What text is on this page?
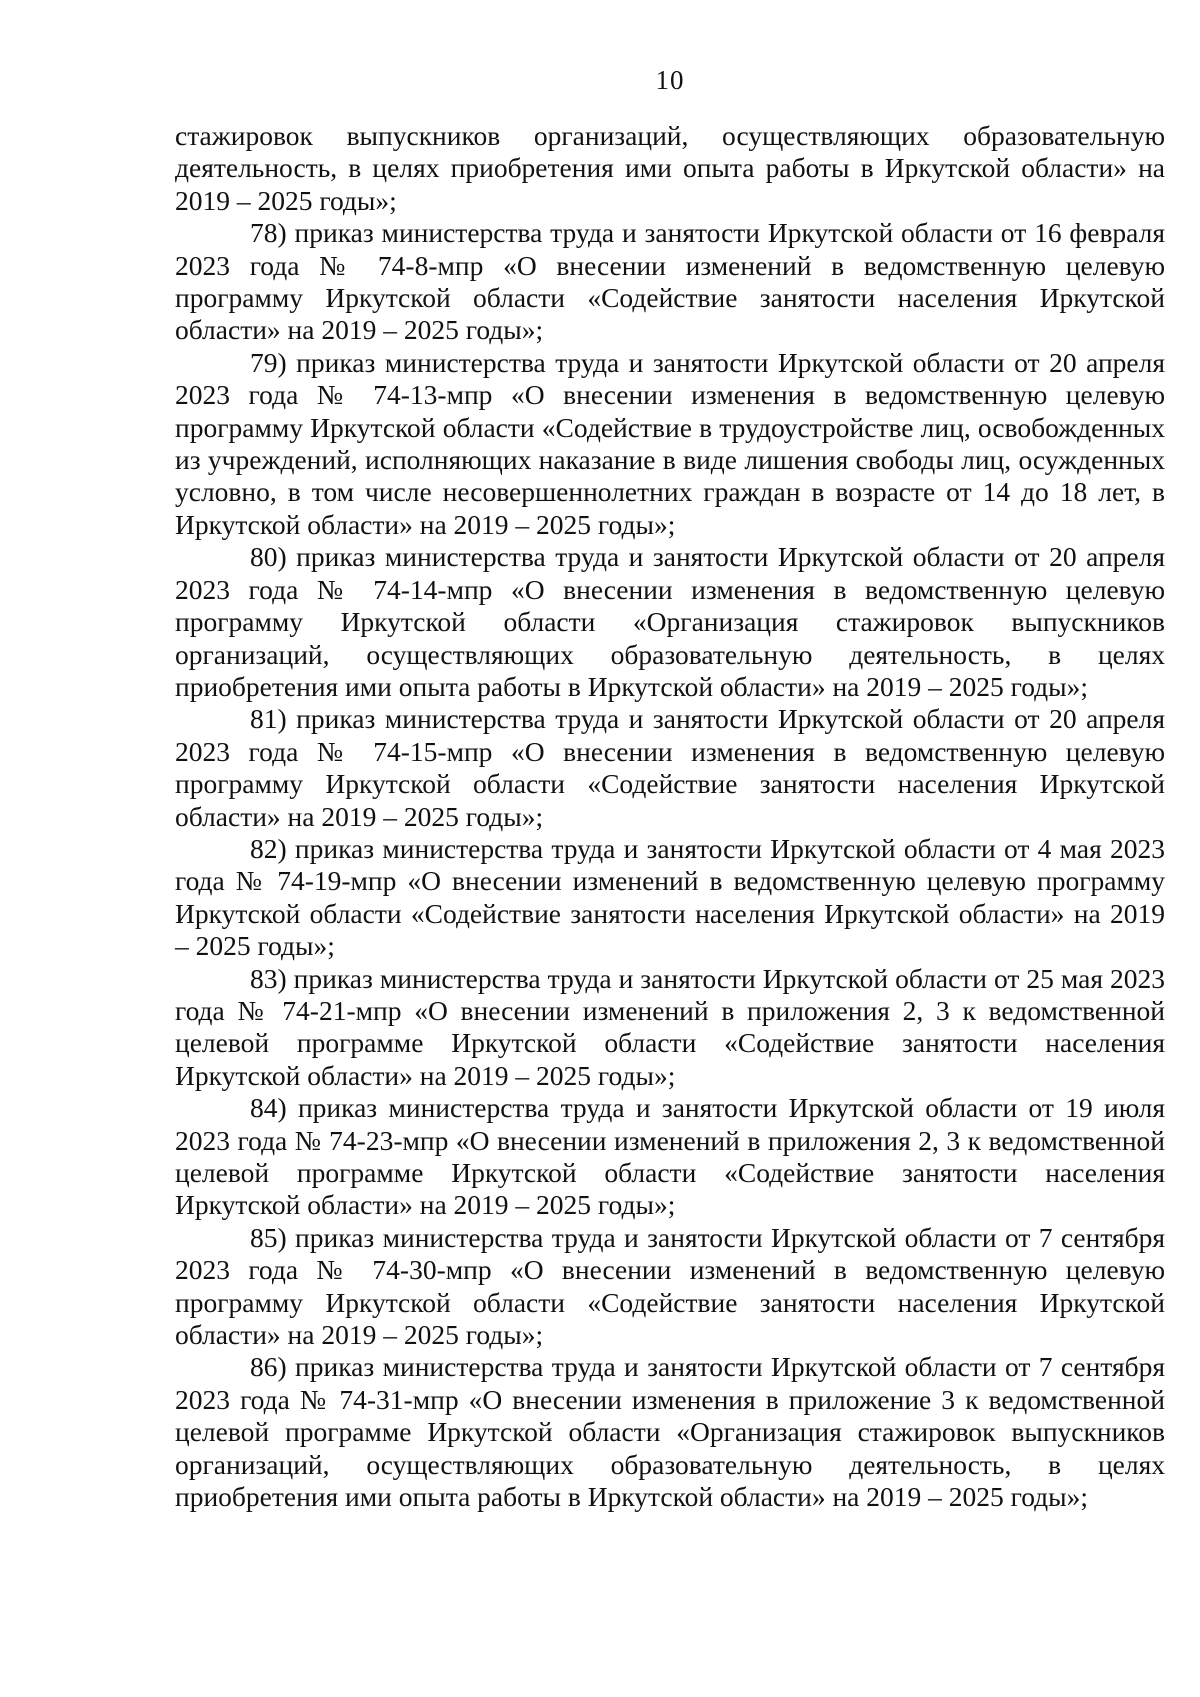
10

стажировок выпускников организаций, осуществляющих образовательную деятельность, в целях приобретения ими опыта работы в Иркутской области» на 2019 – 2025 годы»;

78) приказ министерства труда и занятости Иркутской области от 16 февраля 2023 года № 74-8-мпр «О внесении изменений в ведомственную целевую программу Иркутской области «Содействие занятости населения Иркутской области» на 2019 – 2025 годы»;

79) приказ министерства труда и занятости Иркутской области от 20 апреля 2023 года № 74-13-мпр «О внесении изменения в ведомственную целевую программу Иркутской области «Содействие в трудоустройстве лиц, освобожденных из учреждений, исполняющих наказание в виде лишения свободы лиц, осужденных условно, в том числе несовершеннолетних граждан в возрасте от 14 до 18 лет, в Иркутской области» на 2019 – 2025 годы»;

80) приказ министерства труда и занятости Иркутской области от 20 апреля 2023 года № 74-14-мпр «О внесении изменения в ведомственную целевую программу Иркутской области «Организация стажировок выпускников организаций, осуществляющих образовательную деятельность, в целях приобретения ими опыта работы в Иркутской области» на 2019 – 2025 годы»;

81) приказ министерства труда и занятости Иркутской области от 20 апреля 2023 года № 74-15-мпр «О внесении изменения в ведомственную целевую программу Иркутской области «Содействие занятости населения Иркутской области» на 2019 – 2025 годы»;

82) приказ министерства труда и занятости Иркутской области от 4 мая 2023 года № 74-19-мпр «О внесении изменений в ведомственную целевую программу Иркутской области «Содействие занятости населения Иркутской области» на 2019 – 2025 годы»;

83) приказ министерства труда и занятости Иркутской области от 25 мая 2023 года № 74-21-мпр «О внесении изменений в приложения 2, 3 к ведомственной целевой программе Иркутской области «Содействие занятости населения Иркутской области» на 2019 – 2025 годы»;

84) приказ министерства труда и занятости Иркутской области от 19 июля 2023 года № 74-23-мпр «О внесении изменений в приложения 2, 3 к ведомственной целевой программе Иркутской области «Содействие занятости населения Иркутской области» на 2019 – 2025 годы»;

85) приказ министерства труда и занятости Иркутской области от 7 сентября 2023 года № 74-30-мпр «О внесении изменений в ведомственную целевую программу Иркутской области «Содействие занятости населения Иркутской области» на 2019 – 2025 годы»;

86) приказ министерства труда и занятости Иркутской области от 7 сентября 2023 года № 74-31-мпр «О внесении изменения в приложение 3 к ведомственной целевой программе Иркутской области «Организация стажировок выпускников организаций, осуществляющих образовательную деятельность, в целях приобретения ими опыта работы в Иркутской области» на 2019 – 2025 годы»;
